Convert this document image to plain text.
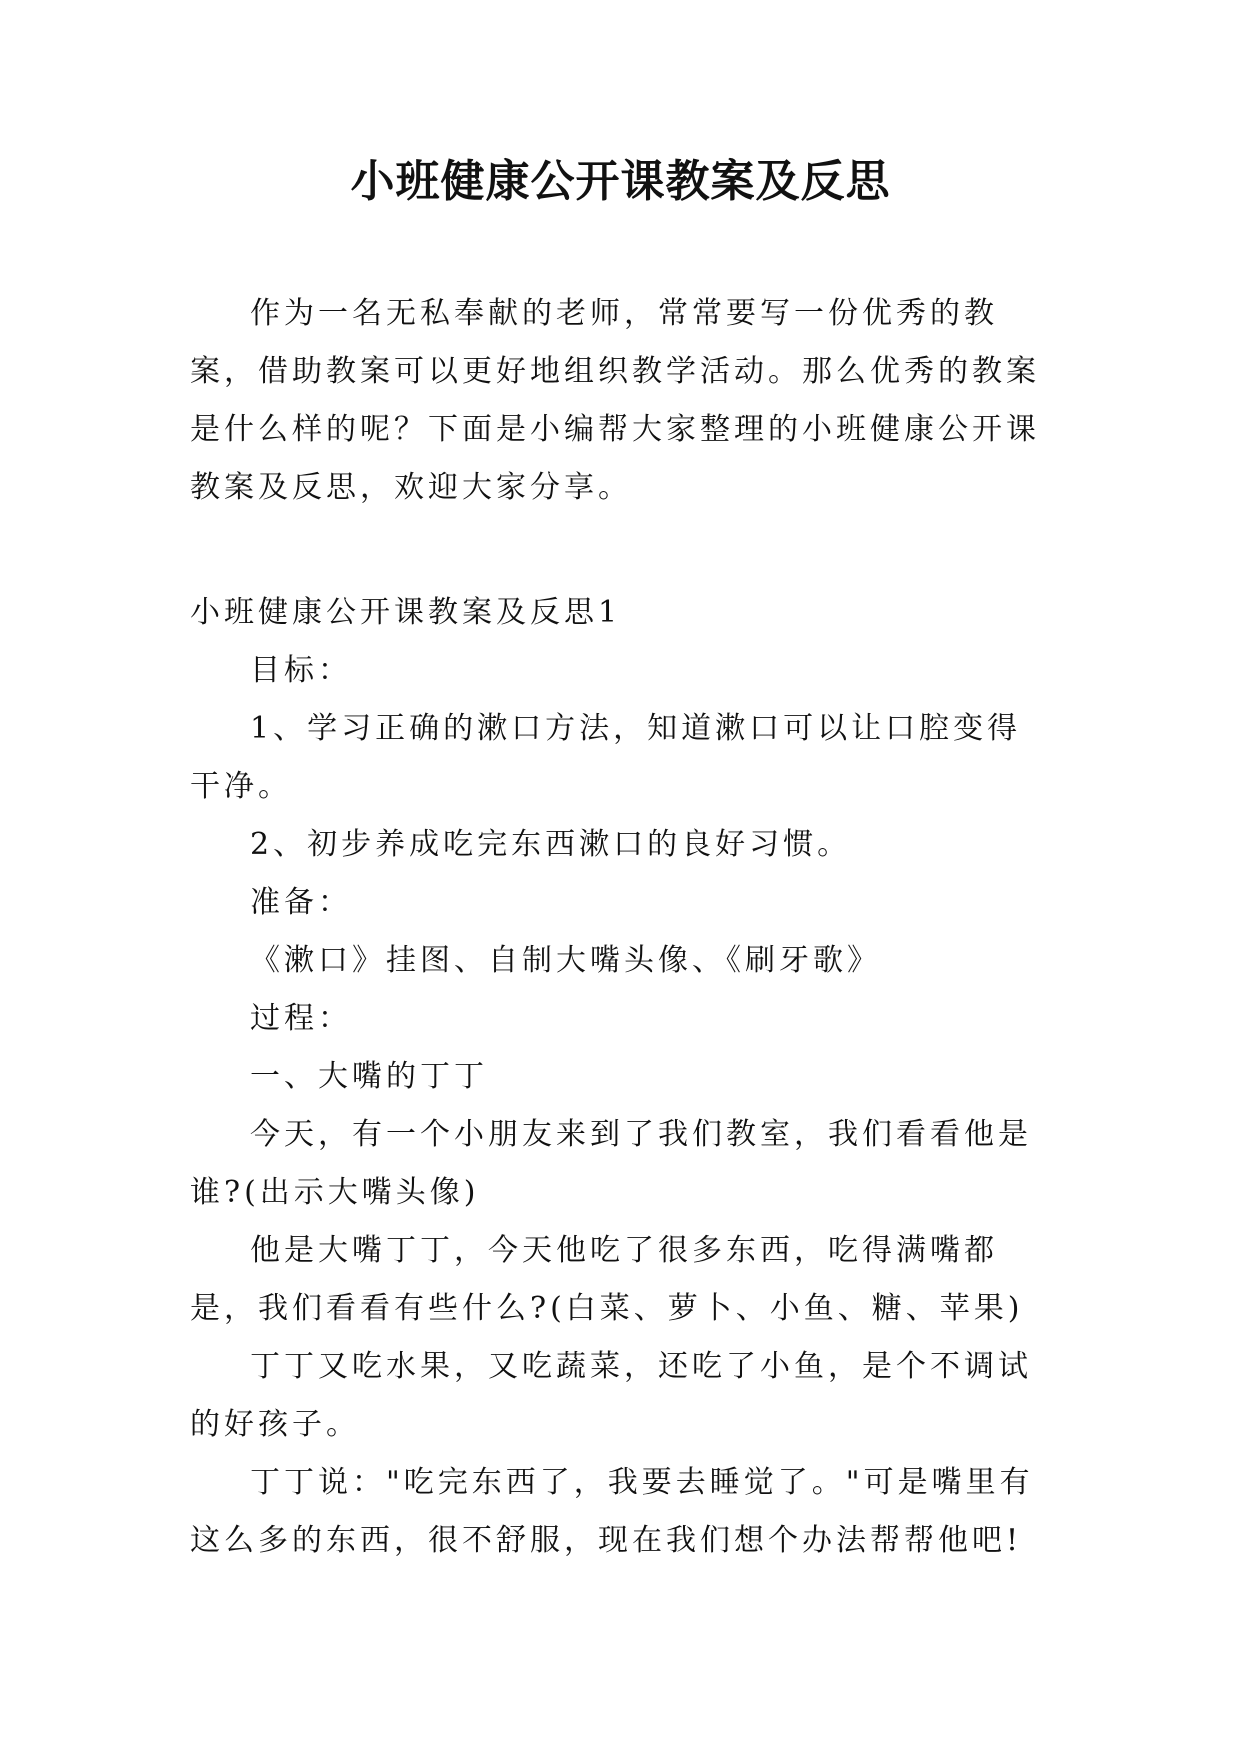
小班健康公开课教案及反思
作为一名无私奉献的老师，常常要写一份优秀的教案，借助教案可以更好地组织教学活动。那么优秀的教案是什么样的呢？下面是小编帮大家整理的小班健康公开课教案及反思，欢迎大家分享。

小班健康公开课教案及反思1

目标：

1、学习正确的漱口方法，知道漱口可以让口腔变得干净。

2、初步养成吃完东西漱口的良好习惯。

准备：

《漱口》挂图、自制大嘴头像、《刷牙歌》

过程：

一、大嘴的丁丁

今天，有一个小朋友来到了我们教室，我们看看他是谁?(出示大嘴头像)

他是大嘴丁丁，今天他吃了很多东西，吃得满嘴都是，我们看看有些什么?(白菜、萝卜、小鱼、糖、苹果)

丁丁又吃水果，又吃蔬菜，还吃了小鱼，是个不调试的好孩子。

丁丁说："吃完东西了，我要去睡觉了。"可是嘴里有这么多的东西，很不舒服，现在我们想个办法帮帮他吧!
